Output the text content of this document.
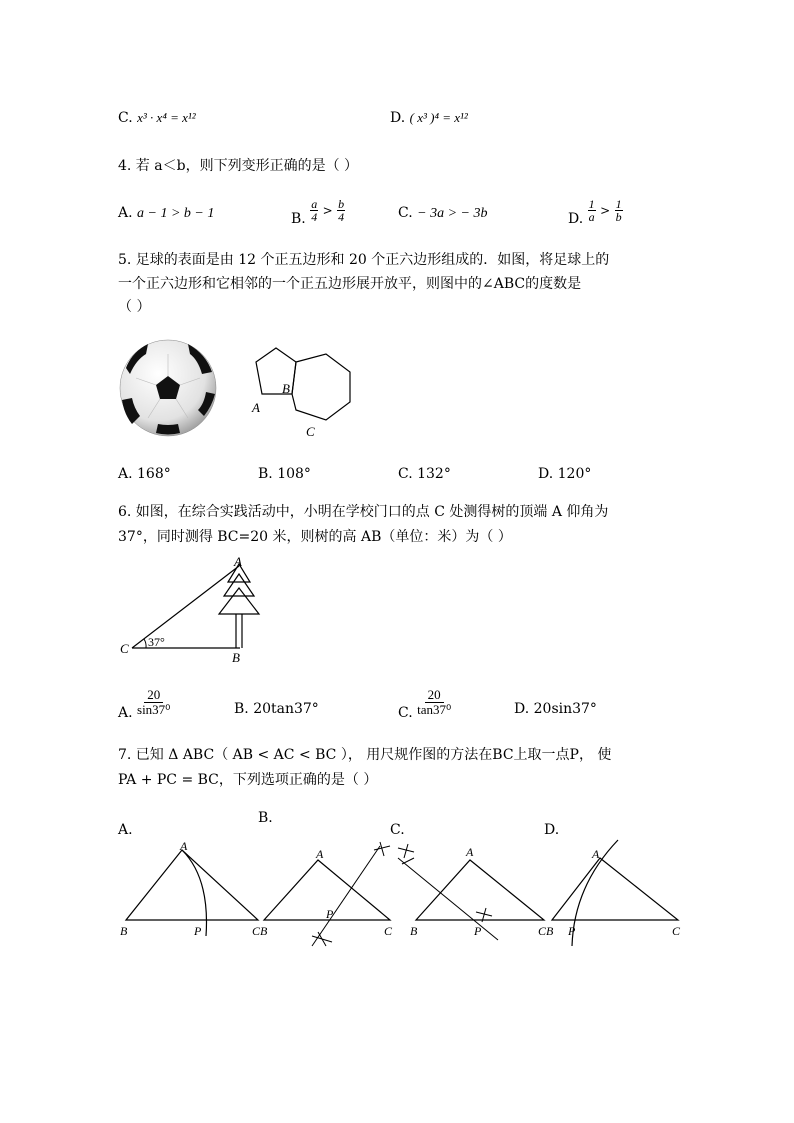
C. x³ · x⁴ = x¹²	D. ( x³ )⁴ = x¹²
4. 若 a＜b，则下列变形正确的是（ ）
A. a − 1 > b − 1	B. $\frac{a}{4} > \frac{b}{4}$	C. − 3a > − 3b	D. $\frac{1}{a} > \frac{1}{b}$
5. 足球的表面是由 12 个正五边形和 20 个正六边形组成的．如图，将足球上的
一个正六边形和它相邻的一个正五边形展开放平，则图中的∠ABC的度数是
（ ）
B
A
C
A. 168°	B. 108°	C. 132°	D. 120°
6. 如图，在综合实践活动中，小明在学校门口的点 C 处测得树的顶端 A 仰角为
37°，同时测得 BC=20 米，则树的高 AB（单位：米）为（ ）
A
C
B
37°
A. $\frac{20}{\text{sin37⁰}}$	B. 20tan37°	C. $\frac{20}{\text{tan37⁰}}$	D. 20sin37°
7. 已知 Δ ABC（ AB < AC < BC ）， 用尺规作图的方法在BC上取一点P， 使
PA + PC = BC，下列选项正确的是（ ）
A.
B.
C.	D.
A
B	P
A
P
CB	C
A
B	P	CB
A
P	C
